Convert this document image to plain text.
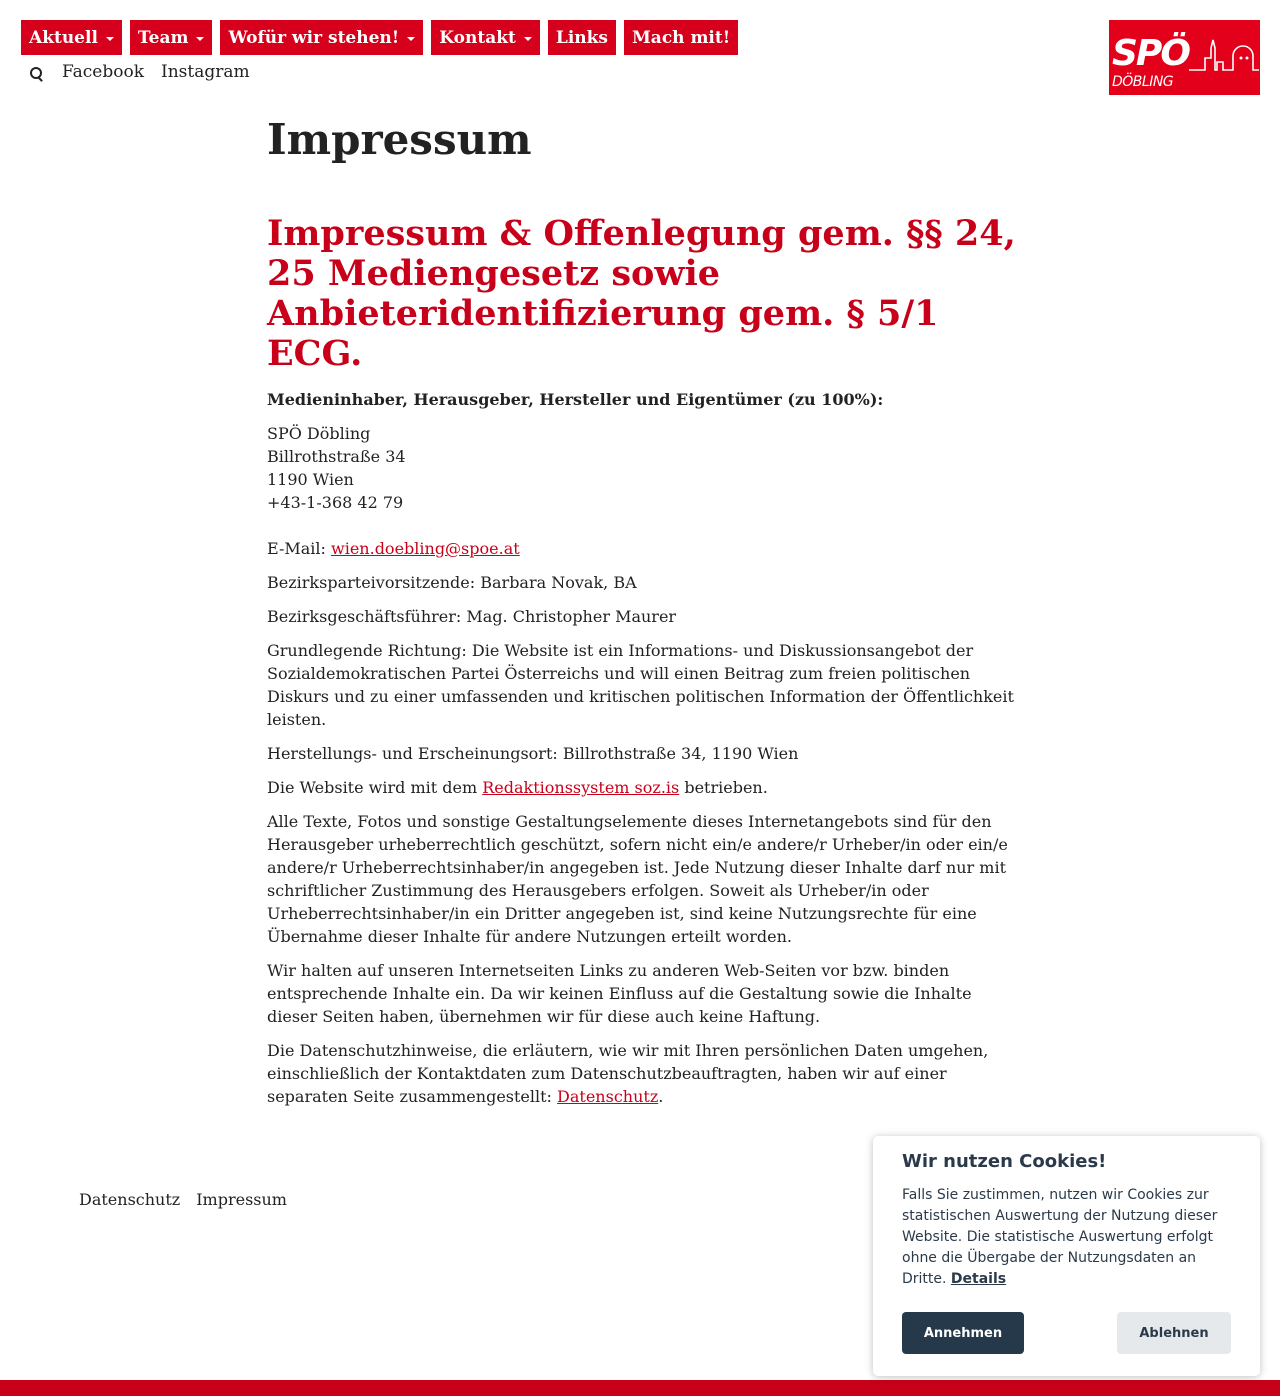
Aktuell Team Wofür wir stehen! Kontakt Links Mach mit!
Facebook Instagram	SPÖ
DÖBLING
Impressum
Impressum & Offenlegung gem. §§ 24, 25 Mediengesetz sowie Anbieteridentifizierung gem. § 5/1 ECG.
Medieninhaber, Herausgeber, Hersteller und Eigentümer (zu 100%):
SPÖ Döbling
Billrothstraße 34
1190 Wien
+43-1-368 42 79
E-Mail: wien.doebling@spoe.at
Bezirksparteivorsitzende: Barbara Novak, BA
Bezirksgeschäftsführer: Mag. Christopher Maurer
Grundlegende Richtung: Die Website ist ein Informations- und Diskussionsangebot der Sozialdemokratischen Partei Österreichs und will einen Beitrag zum freien politischen Diskurs und zu einer umfassenden und kritischen politischen Information der Öffentlichkeit leisten.
Herstellungs- und Erscheinungsort: Billrothstraße 34, 1190 Wien
Die Website wird mit dem Redaktionssystem soz.is betrieben.
Alle Texte, Fotos und sonstige Gestaltungselemente dieses Internetangebots sind für den Herausgeber urheberrechtlich geschützt, sofern nicht ein/e andere/r Urheber/in oder ein/e andere/r Urheberrechtsinhaber/in angegeben ist. Jede Nutzung dieser Inhalte darf nur mit schriftlicher Zustimmung des Herausgebers erfolgen. Soweit als Urheber/in oder Urheberrechtsinhaber/in ein Dritter angegeben ist, sind keine Nutzungsrechte für eine Übernahme dieser Inhalte für andere Nutzungen erteilt worden.
Wir halten auf unseren Internetseiten Links zu anderen Web-Seiten vor bzw. binden entsprechende Inhalte ein. Da wir keinen Einfluss auf die Gestaltung sowie die Inhalte dieser Seiten haben, übernehmen wir für diese auch keine Haftung.
Die Datenschutzhinweise, die erläutern, wie wir mit Ihren persönlichen Daten umgehen, einschließlich der Kontaktdaten zum Datenschutzbeauftragten, haben wir auf einer separaten Seite zusammengestellt: Datenschutz.
Datenschutz Impressum
Wir nutzen Cookies!
Falls Sie zustimmen, nutzen wir Cookies zur statistischen Auswertung der Nutzung dieser Website. Die statistische Auswertung erfolgt ohne die Übergabe der Nutzungsdaten an Dritte. Details
Annehmen	Ablehnen
